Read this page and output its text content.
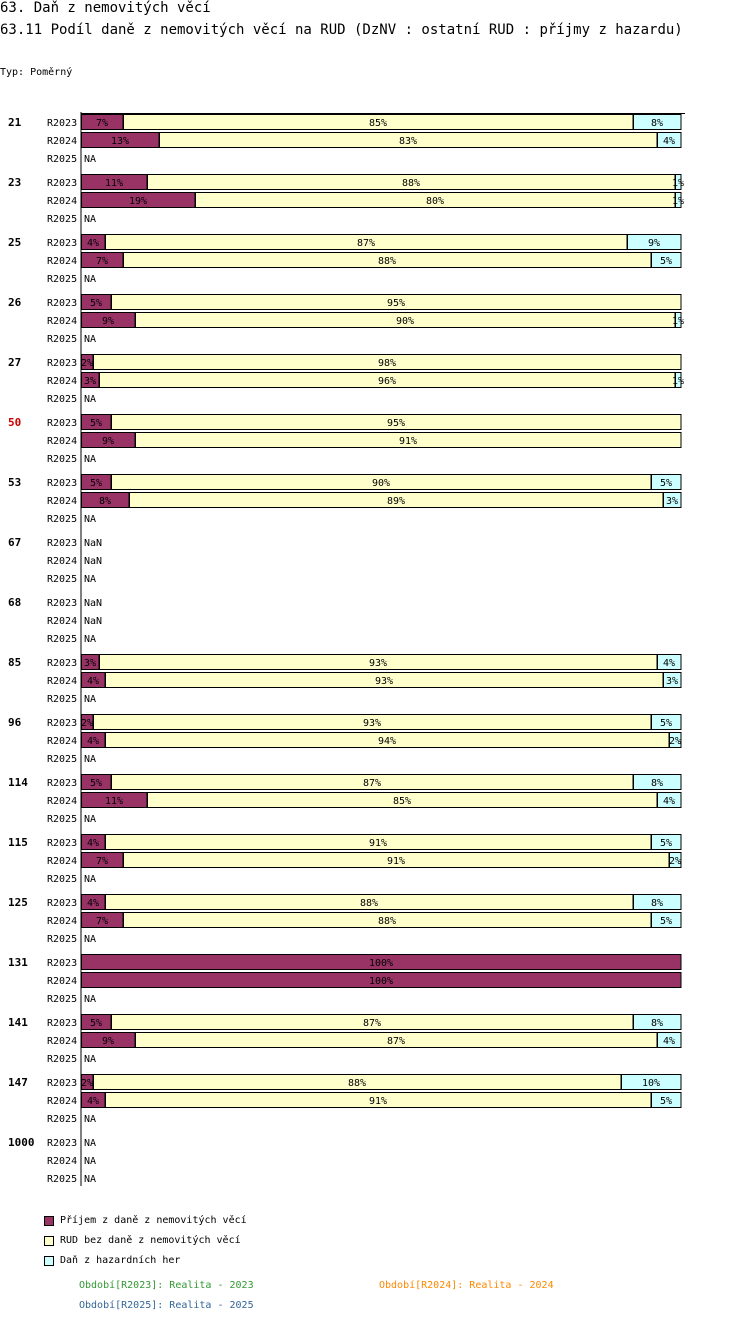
63. Daň z nemovitých věcí
63.11 Podíl daně z nemovitých věcí na RUD (DzNV : ostatní RUD : příjmy z hazardu)
Typ: Poměrný
21	R2023 7%	85%	8%
R2024	13%	83%	4%
R2025 NA
23	R2023	11%	88%	1%
R2024	19%	80%	1%
R2025 NA
25	R2023 4%	87%	9%
R2024 7%	88%	5%
R2025 NA
26	R2023 5%	95%
R2024 9%	90%	1%
R2025 NA
27	R2023 2%	98%
R2024 3%	96%	1%
R2025 NA
50	R2023 5%	95%
R2024 9%	91%
R2025 NA
53	R2023 5%	90%	5%
R2024 8%	89%	3%
R2025 NA
67	R2023 NaN
R2024 NaN
R2025 NA
68	R2023 NaN
R2024 NaN
R2025 NA
85	R2023 3%	93%	4%
R2024 4%	93%	3%
R2025 NA
96	R2023 2%	93%	5%
R2024 4%	94%	2%
R2025 NA
114 R2023 5%	87%	8%
R2024	11%	85%	4%
R2025 NA
115 R2023 4%	91%	5%
R2024 7%	91%	2%
R2025 NA
125 R2023 4%	88%	8%
R2024 7%	88%	5%
R2025 NA
131 R2023	100%
R2024	100%
R2025 NA
141 R2023 5%	87%	8%
R2024 9%	87%	4%
R2025 NA
147 R2023 2%	88%	10%
R2024 4%	91%	5%
R2025 NA
1000 R2023 NA
R2024 NA
R2025 NA
Příjem z daně z nemovitých věcí
RUD bez daně z nemovitých věcí
Daň z hazardních her
Období[R2023]: Realita - 2023	Období[R2024]: Realita - 2024
Období[R2025]: Realita - 2025
